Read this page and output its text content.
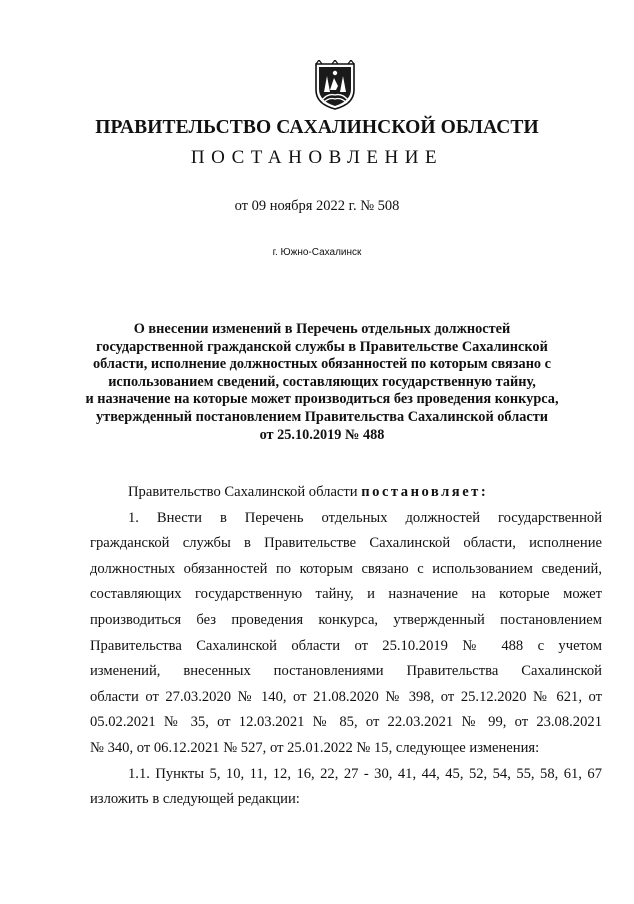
ПРАВИТЕЛЬСТВО САХАЛИНСКОЙ ОБЛАСТИ
ПОСТАНОВЛЕНИЕ
от 09 ноября 2022 г. № 508
г. Южно-Сахалинск
О внесении изменений в Перечень отдельных должностей
государственной гражданской службы в Правительстве Сахалинской
области, исполнение должностных обязанностей по которым связано с
использованием сведений, составляющих государственную тайну,
и назначение на которые может производиться без проведения конкурса,
утвержденный постановлением Правительства Сахалинской области
от 25.10.2019 № 488
Правительство Сахалинской области постановляет:
1. Внести в Перечень отдельных должностей государственной
гражданской службы в Правительстве Сахалинской области, исполнение
должностных обязанностей по которым связано с использованием сведений,
составляющих государственную тайну, и назначение на которые может
производиться без проведения конкурса, утвержденный постановлением
Правительства Сахалинской области от 25.10.2019 № 488 с учетом
изменений, внесенных постановлениями Правительства Сахалинской
области от 27.03.2020 № 140, от 21.08.2020 № 398, от 25.12.2020 № 621, от
05.02.2021 № 35, от 12.03.2021 № 85, от 22.03.2021 № 99, от 23.08.2021
№ 340, от 06.12.2021 № 527, от 25.01.2022 № 15, следующее изменения:
1.1. Пункты 5, 10, 11, 12, 16, 22, 27 - 30, 41, 44, 45, 52, 54, 55, 58, 61, 67
изложить в следующей редакции:
